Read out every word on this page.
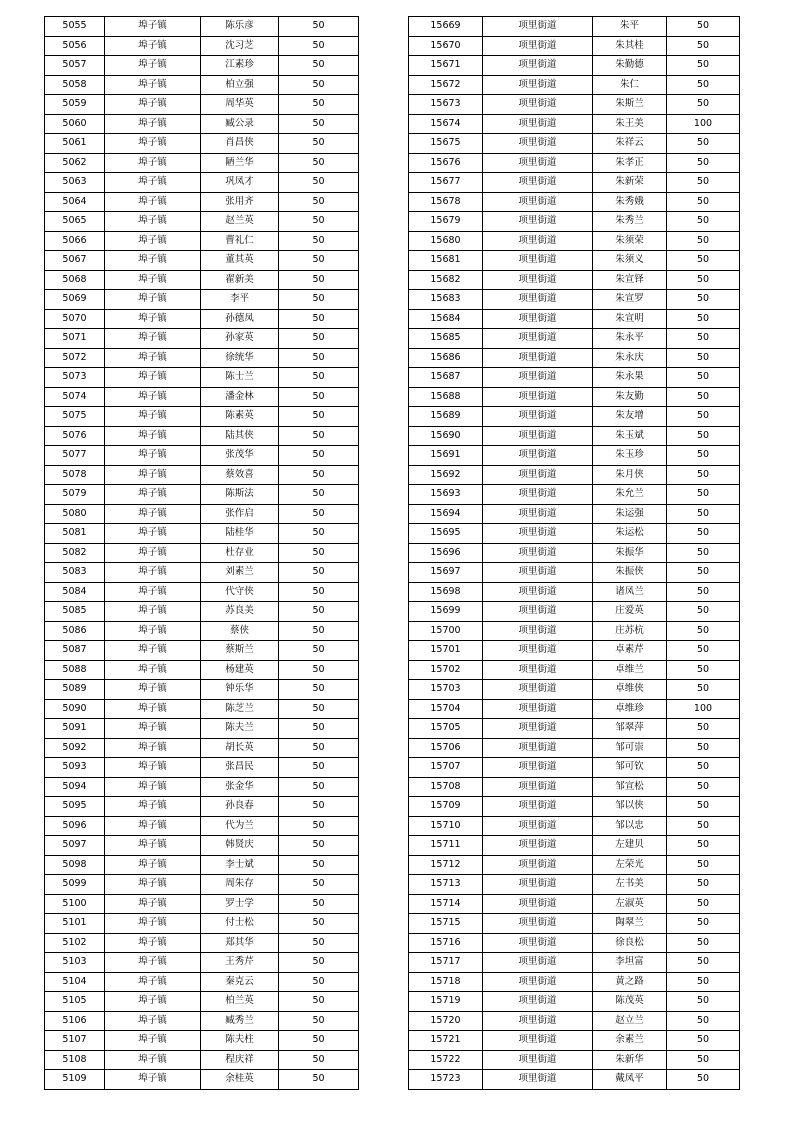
5055	埠子镇	陈乐彦	50
5056	埠子镇	沈习芝	50
5057	埠子镇	江素珍	50
5058	埠子镇	柏立强	50
5059	埠子镇	周华英	50
5060	埠子镇	臧公录	50
5061	埠子镇	肖昌侠	50
5062	埠子镇	陋兰华	50
5063	埠子镇	巩凤才	50
5064	埠子镇	张用齐	50
5065	埠子镇	赵兰英	50
5066	埠子镇	曹礼仁	50
5067	埠子镇	董其英	50
5068	埠子镇	翟新美	50
5069	埠子镇	李平	50
5070	埠子镇	孙德凤	50
5071	埠子镇	孙家英	50
5072	埠子镇	徐统华	50
5073	埠子镇	陈士兰	50
5074	埠子镇	潘金林	50
5075	埠子镇	陈素英	50
5076	埠子镇	陆其侠	50
5077	埠子镇	张茂华	50
5078	埠子镇	蔡效喜	50
5079	埠子镇	陈斯法	50
5080	埠子镇	张作启	50
5081	埠子镇	陆桂华	50
5082	埠子镇	杜存业	50
5083	埠子镇	刘素兰	50
5084	埠子镇	代守侠	50
5085	埠子镇	苏良美	50
5086	埠子镇	蔡侠	50
5087	埠子镇	蔡斯兰	50
5088	埠子镇	杨建英	50
5089	埠子镇	钟乐华	50
5090	埠子镇	陈芝兰	50
5091	埠子镇	陈夫兰	50
5092	埠子镇	胡长英	50
5093	埠子镇	张昌民	50
5094	埠子镇	张金华	50
5095	埠子镇	孙良春	50
5096	埠子镇	代为兰	50
5097	埠子镇	韩贤庆	50
5098	埠子镇	李士斌	50
5099	埠子镇	周朱存	50
5100	埠子镇	罗士学	50
5101	埠子镇	付士松	50
5102	埠子镇	郑其华	50
5103	埠子镇	王秀芹	50
5104	埠子镇	秦克云	50
5105	埠子镇	柏兰英	50
5106	埠子镇	臧秀兰	50
5107	埠子镇	陈夫柱	50
5108	埠子镇	程庆祥	50
5109	埠子镇	余桂英	50
15669	项里街道	朱平	50
15670	项里街道	朱其桂	50
15671	项里街道	朱勤德	50
15672	项里街道	朱仁	50
15673	项里街道	朱斯兰	50
15674	项里街道	朱王美	100
15675	项里街道	朱祥云	50
15676	项里街道	朱孝正	50
15677	项里街道	朱新荣	50
15678	项里街道	朱秀娥	50
15679	项里街道	朱秀兰	50
15680	项里街道	朱须荣	50
15681	项里街道	朱须义	50
15682	项里街道	朱宣铎	50
15683	项里街道	朱宣罗	50
15684	项里街道	朱宣明	50
15685	项里街道	朱永平	50
15686	项里街道	朱永庆	50
15687	项里街道	朱永果	50
15688	项里街道	朱友勤	50
15689	项里街道	朱友增	50
15690	项里街道	朱玉斌	50
15691	项里街道	朱玉珍	50
15692	项里街道	朱月侠	50
15693	项里街道	朱允兰	50
15694	项里街道	朱运强	50
15695	项里街道	朱运松	50
15696	项里街道	朱振华	50
15697	项里街道	朱振侠	50
15698	项里街道	诸凤兰	50
15699	项里街道	庄爱英	50
15700	项里街道	庄苏杭	50
15701	项里街道	卓素芹	50
15702	项里街道	卓维兰	50
15703	项里街道	卓维侠	50
15704	项里街道	卓维珍	100
15705	项里街道	邹翠萍	50
15706	项里街道	邹可崇	50
15707	项里街道	邹可钦	50
15708	项里街道	邹宣松	50
15709	项里街道	邹以侠	50
15710	项里街道	邹以忠	50
15711	项里街道	左建贝	50
15712	项里街道	左荣光	50
15713	项里街道	左书美	50
15714	项里街道	左淑英	50
15715	项里街道	陶翠兰	50
15716	项里街道	徐良松	50
15717	项里街道	李坦富	50
15718	项里街道	黄之路	50
15719	项里街道	陈茂英	50
15720	项里街道	赵立兰	50
15721	项里街道	余素兰	50
15722	项里街道	朱新华	50
15723	项里街道	戴凤平	50
